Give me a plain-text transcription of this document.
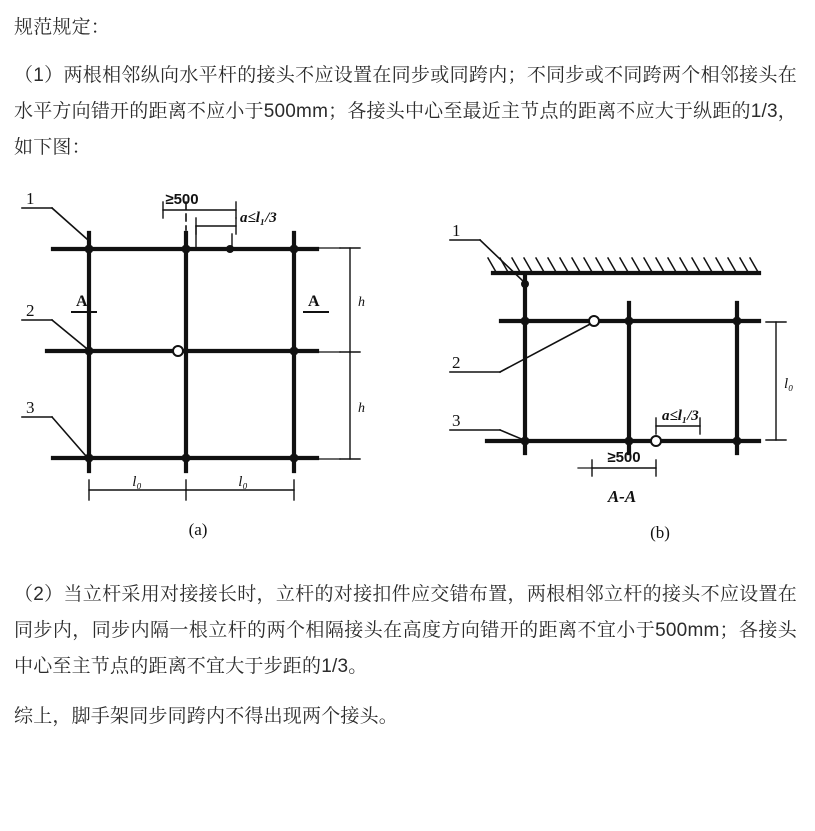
规范规定：

（1）两根相邻纵向水平杆的接头不应设置在同步或同跨内；不同步或不同跨两个相邻接头在水平方向错开的距离不应小于500mm；各接头中心至最近主节点的距离不应大于纵距的1/3，如下图：

≥500
a≤l₁/3
1
2
3
A	A	h
h
l₀	l₀
(a)
1
2
3	a≤l₁/3
≥500
l₀
A-A
(b)

（2）当立杆采用对接接长时，立杆的对接扣件应交错布置，两根相邻立杆的接头不应设置在同步内，同步内隔一根立杆的两个相隔接头在高度方向错开的距离不宜小于500mm；各接头中心至主节点的距离不宜大于步距的1/3。

综上，脚手架同步同跨内不得出现两个接头。
